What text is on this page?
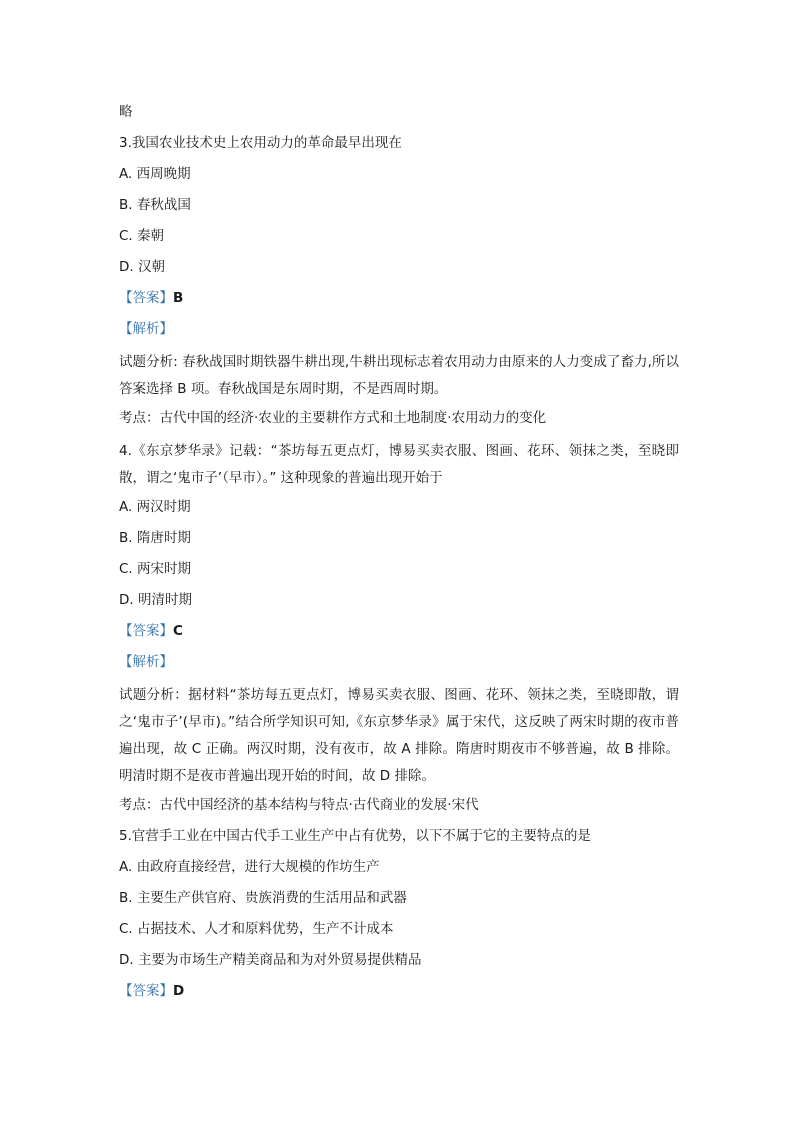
略
3.我国农业技术史上农用动力的革命最早出现在
A. 西周晚期
B. 春秋战国
C. 秦朝
D. 汉朝
【答案】B
【解析】
试题分析: 春秋战国时期铁器牛耕出现,牛耕出现标志着农用动力由原来的人力变成了畜力,所以答案选择 B 项。春秋战国是东周时期，不是西周时期。
考点：古代中国的经济·农业的主要耕作方式和土地制度·农用动力的变化
4.《东京梦华录》记载：“茶坊每五更点灯，博易买卖衣服、图画、花环、领抹之类，至晓即散，谓之‘鬼市子’（早市）。” 这种现象的普遍出现开始于
A. 两汉时期
B. 隋唐时期
C. 两宋时期
D. 明清时期
【答案】C
【解析】
试题分析：据材料“茶坊每五更点灯，博易买卖衣服、图画、花环、领抹之类，至晓即散，谓之‘鬼市子’(早市)。”结合所学知识可知,《东京梦华录》属于宋代，这反映了两宋时期的夜市普遍出现，故 C 正确。两汉时期，没有夜市，故 A 排除。隋唐时期夜市不够普遍，故 B 排除。明清时期不是夜市普遍出现开始的时间，故 D 排除。
考点：古代中国经济的基本结构与特点·古代商业的发展·宋代
5.官营手工业在中国古代手工业生产中占有优势，以下不属于它的主要特点的是
A. 由政府直接经营，进行大规模的作坊生产
B. 主要生产供官府、贵族消费的生活用品和武器
C. 占据技术、人才和原料优势，生产不计成本
D. 主要为市场生产精美商品和为对外贸易提供精品
【答案】D
